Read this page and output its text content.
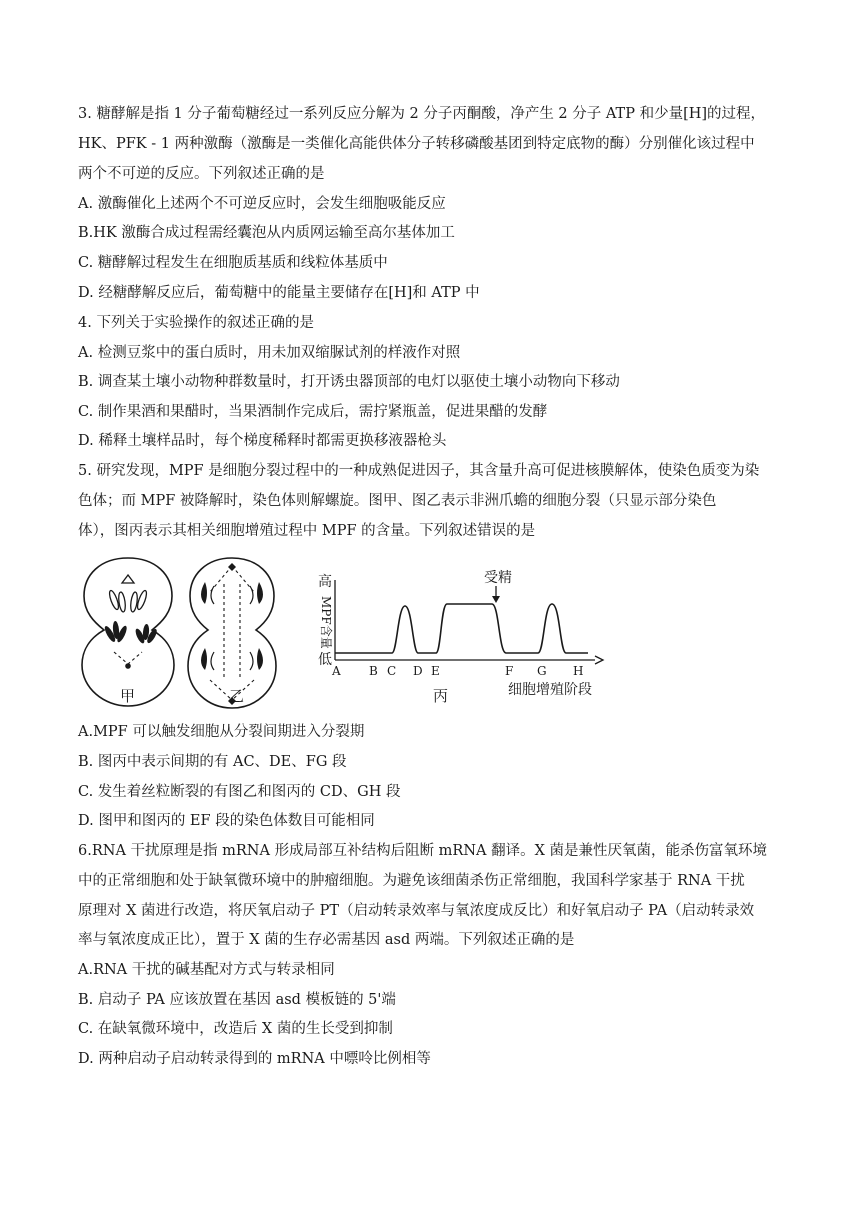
3. 糖酵解是指 1 分子葡萄糖经过一系列反应分解为 2 分子丙酮酸，净产生 2 分子 ATP 和少量[H]的过程，
HK、PFK - 1 两种激酶（激酶是一类催化高能供体分子转移磷酸基团到特定底物的酶）分别催化该过程中
两个不可逆的反应。下列叙述正确的是
A. 激酶催化上述两个不可逆反应时，会发生细胞吸能反应
B.HK 激酶合成过程需经囊泡从内质网运输至高尔基体加工
C. 糖酵解过程发生在细胞质基质和线粒体基质中
D. 经糖酵解反应后，葡萄糖中的能量主要储存在[H]和 ATP 中
4. 下列关于实验操作的叙述正确的是
A. 检测豆浆中的蛋白质时，用未加双缩脲试剂的样液作对照
B. 调查某土壤小动物种群数量时，打开诱虫器顶部的电灯以驱使土壤小动物向下移动
C. 制作果酒和果醋时，当果酒制作完成后，需拧紧瓶盖，促进果醋的发酵
D. 稀释土壤样品时，每个梯度稀释时都需更换移液器枪头
5. 研究发现，MPF 是细胞分裂过程中的一种成熟促进因子，其含量升高可促进核膜解体，使染色质变为染
色体；而 MPF 被降解时，染色体则解螺旋。图甲、图乙表示非洲爪蟾的细胞分裂（只显示部分染色
体），图丙表示其相关细胞增殖过程中 MPF 的含量。下列叙述错误的是
甲	乙	丙
高
低
MPF含量
受精
A B C D E	F G H
细胞增殖阶段
A.MPF 可以触发细胞从分裂间期进入分裂期
B. 图丙中表示间期的有 AC、DE、FG 段
C. 发生着丝粒断裂的有图乙和图丙的 CD、GH 段
D. 图甲和图丙的 EF 段的染色体数目可能相同
6.RNA 干扰原理是指 mRNA 形成局部互补结构后阻断 mRNA 翻译。X 菌是兼性厌氧菌，能杀伤富氧环境
中的正常细胞和处于缺氧微环境中的肿瘤细胞。为避免该细菌杀伤正常细胞，我国科学家基于 RNA 干扰
原理对 X 菌进行改造，将厌氧启动子 PT（启动转录效率与氧浓度成反比）和好氧启动子 PA（启动转录效
率与氧浓度成正比），置于 X 菌的生存必需基因 asd 两端。下列叙述正确的是
A.RNA 干扰的碱基配对方式与转录相同
B. 启动子 PA 应该放置在基因 asd 模板链的 5'端
C. 在缺氧微环境中，改造后 X 菌的生长受到抑制
D. 两种启动子启动转录得到的 mRNA 中嘌呤比例相等
